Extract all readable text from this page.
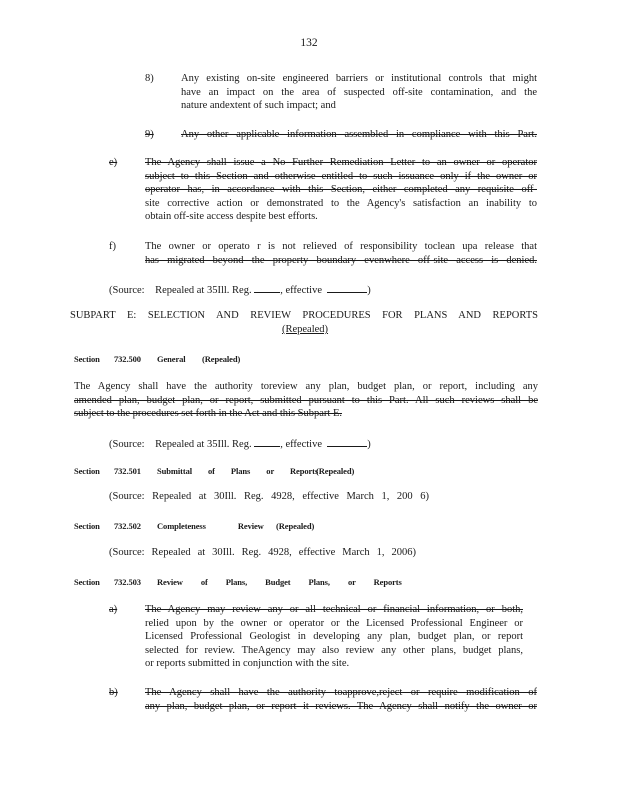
132
8)	Any existing on-site engineered barriers or institutional controls that might
have an impact on the area of suspected off-site contamination, and the
nature andextent of such impact; and
9)	Any other applicable information assembled in compliance with this Part.
e)	The Agency shall issue a No Further Remediation Letter to an owner or operator
subject to this Section and otherwise entitled to such issuance only if the owner or
operator has, in accordance with this Section, either completed any requisite off-
site corrective action or demonstrated to the Agency's satisfaction an inability to
obtain off-site access despite best efforts.
f)	The owner or operato r is not relieved of responsibility toclean upa release that
has migrated beyond the property boundary evenwhere off-site access is denied.
(Source: Repealed at 35Ill. Reg.	, effective	)
SUBPART E: SELECTION AND REVIEW PROCEDURES FOR PLANS AND REPORTS
(Repealed)
Section 732.500 General (Repealed)
The Agency shall have the authority toreview any plan, budget plan, or report, including any
amended plan, budget plan, or report, submitted pursuant to this Part. All such reviews shall be
subject to the procedures set forth in the Act and this Subpart E.
(Source: Repealed at 35Ill. Reg.	, effective	)
Section 732.501 Submittal of Plans or Reports
(Repealed)
(Source: Repealed at 30Ill. Reg. 4928, effective March 1, 200 6)
Section 732.502 Completeness Review (Repealed)
(Source: Repealed at 30Ill. Reg. 4928, effective March 1, 2006)
Section 732.503 Review of Plans, Budget Plans, or Reports
a)	The Agency may review any or all technical or financial information, or both,
relied upon by the owner or operator or the Licensed Professional Engineer or
Licensed Professional Geologist in developing any plan, budget plan, or report
selected for review. TheAgency may also review any other plans, budget plans,
or reports submitted in conjunction with the site.
b)	The Agency shall have the authority toapprove,reject or require modification of
any plan, budget plan, or report it reviews. The Agency shall notify the owner or
